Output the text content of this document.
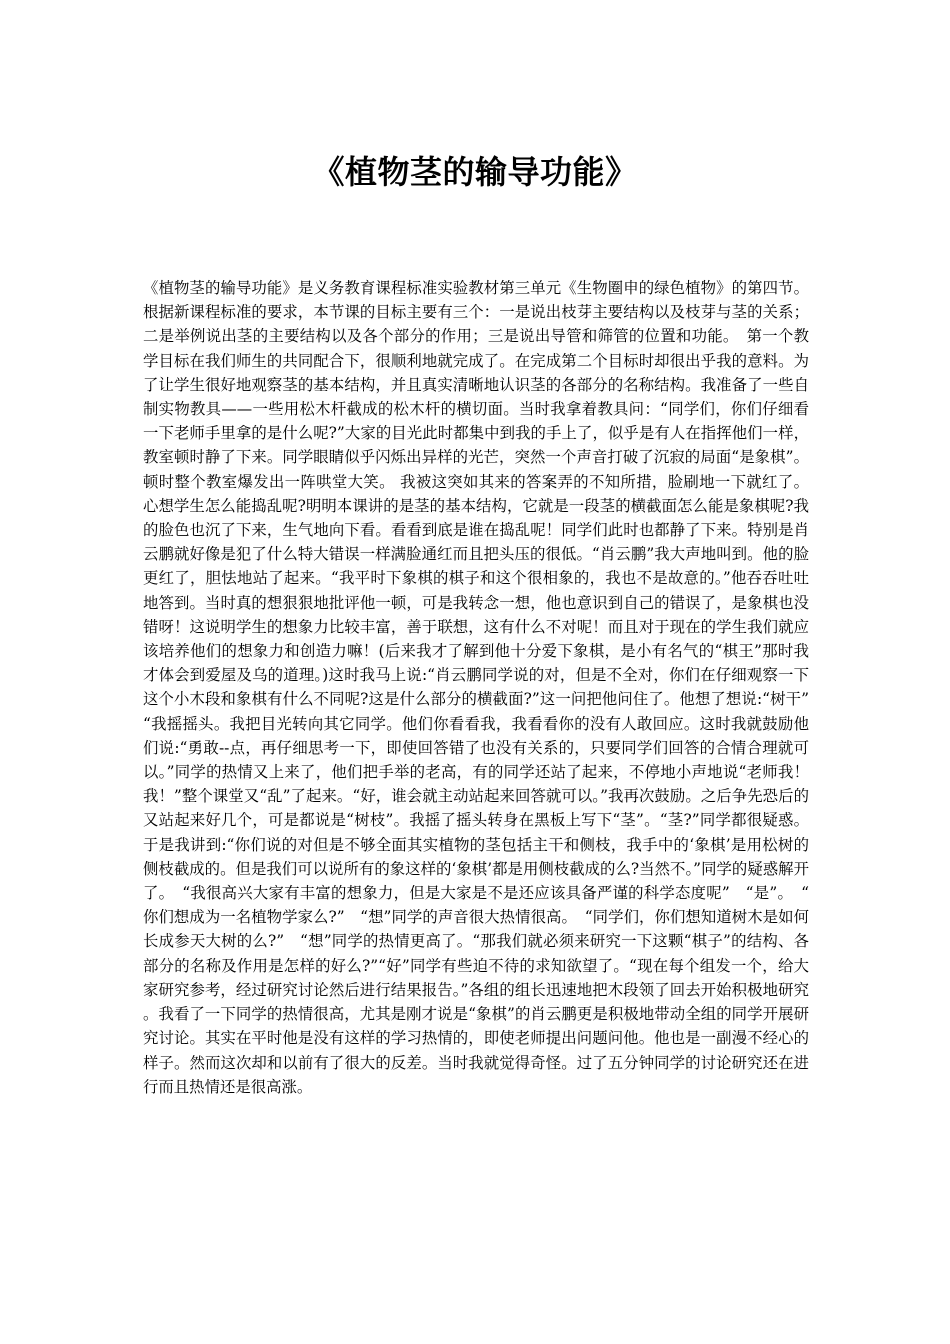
《植物茎的输导功能》

《植物茎的输导功能》是义务教育课程标准实验教材第三单元《生物圈申的绿色植物》的第四节。根据新课程标准的要求，本节课的目标主要有三个：一是说出枝芽主要结构以及枝芽与茎的关系；二是举例说出茎的主要结构以及各个部分的作用；三是说出导管和筛管的位置和功能。　第一个教学目标在我们师生的共同配合下，很顺利地就完成了。在完成第二个目标时却很出乎我的意料。为了让学生很好地观察茎的基本结构，并且真实清晰地认识茎的各部分的名称结构。我准备了一些自制实物教具——一些用松木杆截成的松木杆的横切面。当时我拿着教具问：“同学们，你们仔细看一下老师手里拿的是什么呢?”大家的目光此时都集中到我的手上了，似乎是有人在指挥他们一样，教室顿时静了下来。同学眼睛似乎闪烁出异样的光芒，突然一个声音打破了沉寂的局面“是象棋”。顿时整个教室爆发出一阵哄堂大笑。 我被这突如其来的答案弄的不知所措，脸刷地一下就红了。心想学生怎么能捣乱呢?明明本课讲的是茎的基本结构，它就是一段茎的横截面怎么能是象棋呢?我的脸色也沉了下来，生气地向下看。看看到底是谁在捣乱呢！同学们此时也都静了下来。特别是肖云鹏就好像是犯了什么特大错误一样满脸通红而且把头压的很低。“肖云鹏”我大声地叫到。他的脸更红了，胆怯地站了起来。“我平时下象棋的棋子和这个很相象的，我也不是故意的。”他吞吞吐吐地答到。当时真的想狠狠地批评他一顿，可是我转念一想，他也意识到自己的错误了，是象棋也没错呀！这说明学生的想象力比较丰富，善于联想，这有什么不对呢！而且对于现在的学生我们就应该培养他们的想象力和创造力嘛！(后来我才了解到他十分爱下象棋，是小有名气的“棋王”那时我才体会到爱屋及乌的道理。)这时我马上说:“肖云鹏同学说的对，但是不全对，你们在仔细观察一下这个小木段和象棋有什么不同呢?这是什么部分的横截面?”这一问把他问住了。他想了想说:“树干”“我摇摇头。我把目光转向其它同学。他们你看看我，我看看你的没有人敢回应。这时我就鼓励他们说:“勇敢--点，再仔细思考一下，即使回答错了也没有关系的，只要同学们回答的合情合理就可以。”同学的热情又上来了，他们把手举的老高，有的同学还站了起来，不停地小声地说“老师我！我！”整个课堂又“乱”了起来。“好，谁会就主动站起来回答就可以。”我再次鼓励。之后争先恐后的又站起来好几个，可是都说是“树枝”。我摇了摇头转身在黑板上写下“茎”。“茎?”同学都很疑惑。于是我讲到:“你们说的对但是不够全面其实植物的茎包括主干和侧枝，我手中的‘象棋’是用松树的侧枝截成的。但是我们可以说所有的象这样的‘象棋’都是用侧枝截成的么?当然不。”同学的疑惑解开了。　“我很高兴大家有丰富的想象力，但是大家是不是还应该具备严谨的科学态度呢”　“是”。　“你们想成为一名植物学家么?”　“想”同学的声音很大热情很高。　“同学们，你们想知道树木是如何长成参天大树的么?”　“想”同学的热情更高了。“那我们就必须来研究一下这颗“棋子”的结构、各部分的名称及作用是怎样的好么?”“好”同学有些迫不待的求知欲望了。“现在每个组发一个，给大家研究参考，经过研究讨论然后进行结果报告。”各组的组长迅速地把木段领了回去开始积极地研究。我看了一下同学的热情很高，尤其是刚才说是“象棋”的肖云鹏更是积极地带动全组的同学开展研究讨论。其实在平时他是没有这样的学习热情的，即使老师提出问题问他。他也是一副漫不经心的样子。然而这次却和以前有了很大的反差。当时我就觉得奇怪。过了五分钟同学的讨论研究还在进行而且热情还是很高涨。
